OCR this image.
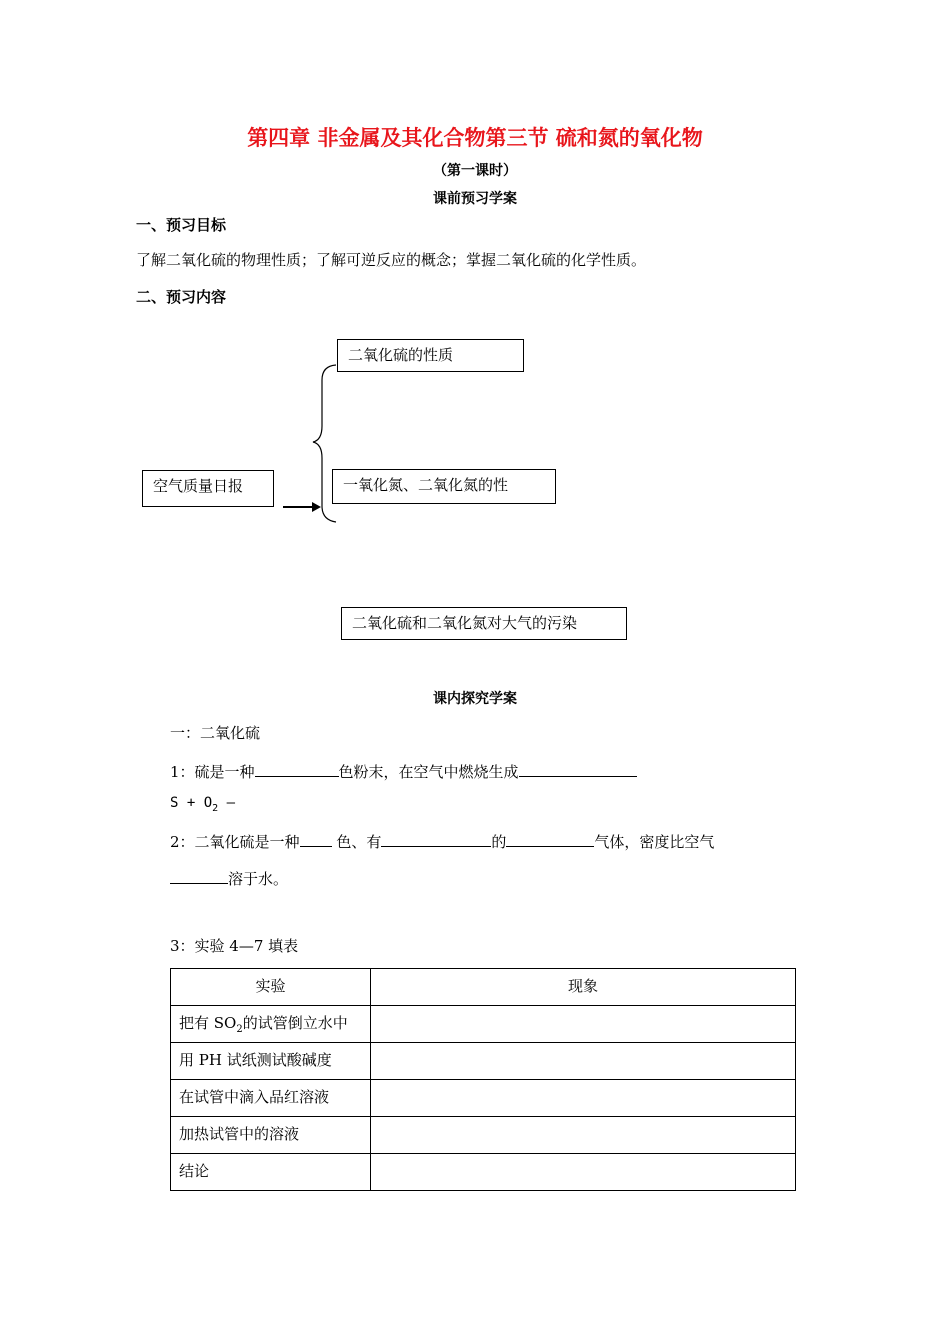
第四章 非金属及其化合物第三节 硫和氮的氧化物
（第一课时）
课前预习学案
一、预习目标
了解二氧化硫的物理性质；了解可逆反应的概念；掌握二氧化硫的化学性质。
二、预习内容
空气质量日报
二氧化硫的性质
一氧化氮、二氧化氮的性
二氧化硫和二氧化氮对大气的污染
课内探究学案
一：二氧化硫
1：硫是一种	色粉末，在空气中燃烧生成
$S + O_2$ —
2：二氧化硫是一种 色、有	的	气体，密度比空气
溶于水。
3：实验 4—7 填表
实验	现象
把有 $SO_2$的试管倒立水中	
用 PH 试纸测试酸碱度	
在试管中滴入品红溶液	
加热试管中的溶液	
结论	
